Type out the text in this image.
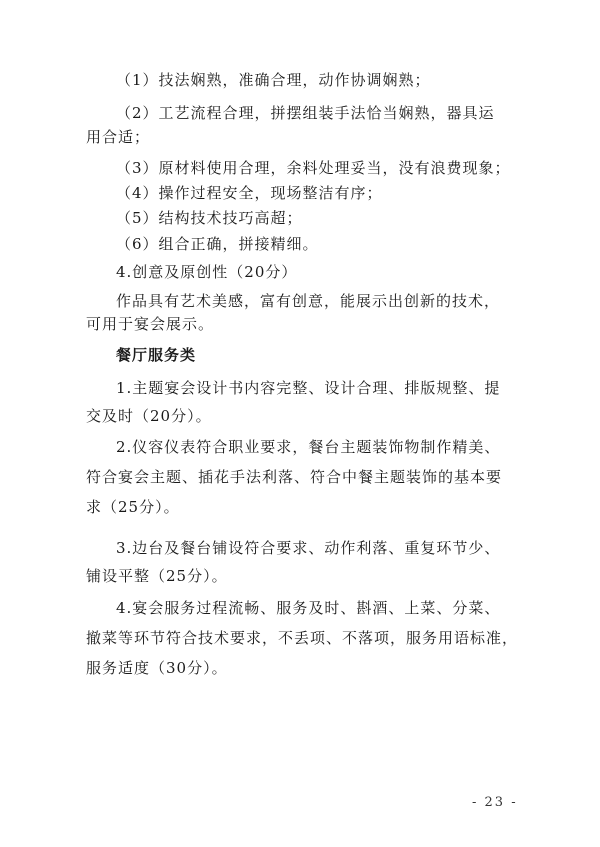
（1）技法娴熟，准确合理，动作协调娴熟；
（2）工艺流程合理，拼摆组装手法恰当娴熟，器具运
用合适；
（3）原材料使用合理，余料处理妥当，没有浪费现象；
（4）操作过程安全，现场整洁有序；
（5）结构技术技巧高超；
（6）组合正确，拼接精细。
4.创意及原创性（20分）
作品具有艺术美感，富有创意，能展示出创新的技术，
可用于宴会展示。
餐厅服务类
1.主题宴会设计书内容完整、设计合理、排版规整、提
交及时（20分）。
2.仪容仪表符合职业要求，餐台主题装饰物制作精美、
符合宴会主题、插花手法利落、符合中餐主题装饰的基本要
求（25分）。
3.边台及餐台铺设符合要求、动作利落、重复环节少、
铺设平整（25分）。
4.宴会服务过程流畅、服务及时、斟酒、上菜、分菜、
撤菜等环节符合技术要求，不丢项、不落项，服务用语标准，
服务适度（30分）。
- 23 -
